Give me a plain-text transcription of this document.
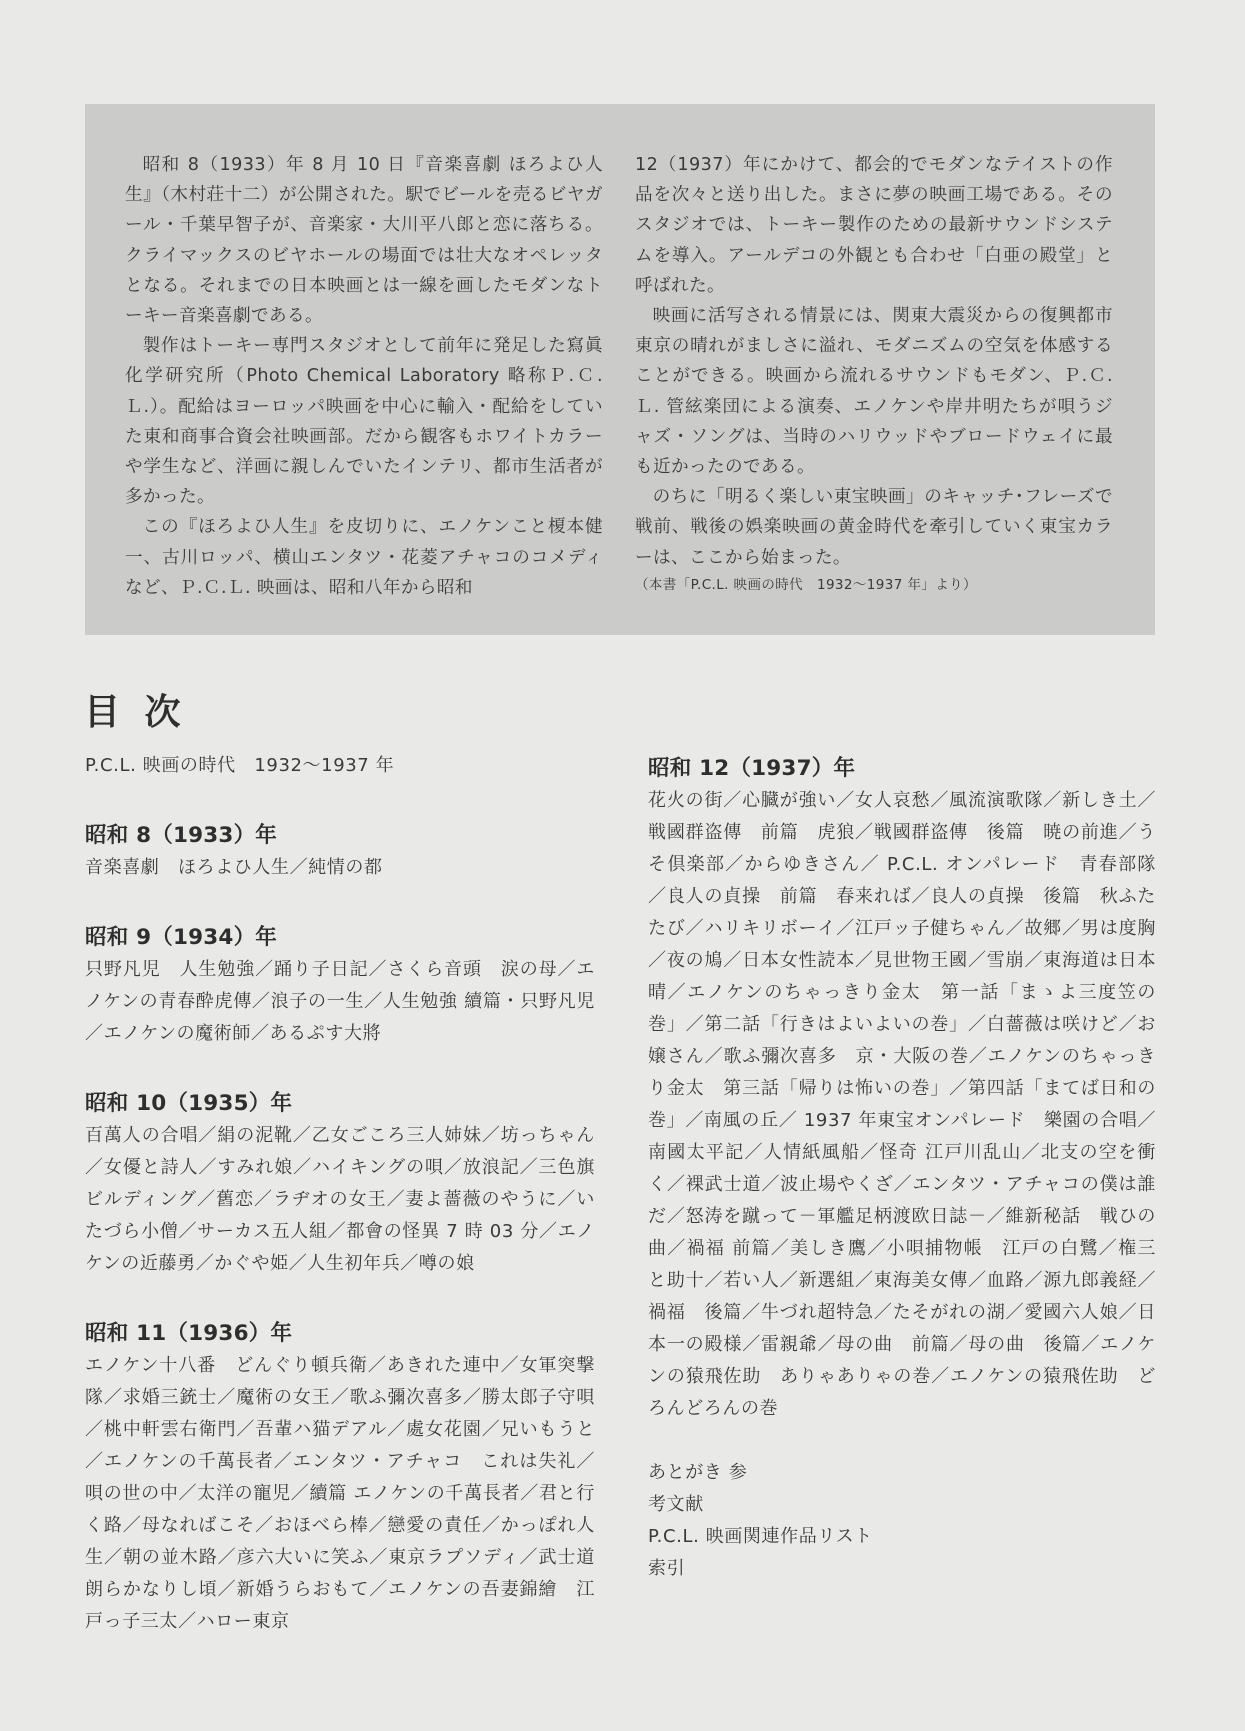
昭和 8（1933）年 8 月 10 日『音楽喜劇 ほろよひ人生』（木村荘十二）が公開された。駅でビールを売るビヤガール・千葉早智子が、音楽家・大川平八郎と恋に落ちる。クライマックスのビヤホールの場面では壮大なオペレッタとなる。それまでの日本映画とは一線を画したモダンなトーキー音楽喜劇である。

製作はトーキー専門スタジオとして前年に発足した寫眞化学研究所（Photo Chemical Laboratory 略称Ｐ.Ｃ.Ｌ.）。配給はヨーロッパ映画を中心に輸入・配給をしていた東和商事合資会社映画部。だから観客もホワイトカラーや学生など、洋画に親しんでいたインテリ、都市生活者が多かった。

この『ほろよひ人生』を皮切りに、エノケンこと榎本健一、古川ロッパ、横山エンタツ・花菱アチャコのコメディなど、Ｐ.Ｃ.Ｌ. 映画は、昭和八年から昭和

12（1937）年にかけて、都会的でモダンなテイストの作品を次々と送り出した。まさに夢の映画工場である。そのスタジオでは、トーキー製作のための最新サウンドシステムを導入。アールデコの外観とも合わせ「白亜の殿堂」と呼ばれた。

映画に活写される情景には、関東大震災からの復興都市東京の晴れがましさに溢れ、モダニズムの空気を体感することができる。映画から流れるサウンドもモダン、Ｐ.Ｃ.Ｌ. 管絃楽団による演奏、エノケンや岸井明たちが唄うジャズ・ソングは、当時のハリウッドやブロードウェイに最も近かったのである。

のちに「明るく楽しい東宝映画」のキャッチ･フレーズで戦前、戦後の娯楽映画の黄金時代を牽引していく東宝カラーは、ここから始まった。

（本書「P.C.L. 映画の時代　1932〜1937 年」より）

目 次

P.C.L. 映画の時代　1932〜1937 年

昭和 8（1933）年

音楽喜劇　ほろよひ人生／純情の都

昭和 9（1934）年

只野凡児　人生勉強／踊り子日記／さくら音頭　涙の母／エノケンの青春酔虎傳／浪子の一生／人生勉強 續篇・只野凡児／エノケンの魔術師／あるぷす大將

昭和 10（1935）年

百萬人の合唱／絹の泥靴／乙女ごころ三人姉妹／坊っちゃん／女優と詩人／すみれ娘／ハイキングの唄／放浪記／三色旗ビルディング／舊恋／ラヂオの女王／妻よ薔薇のやうに／いたづら小僧／サーカス五人組／都會の怪異 7 時 03 分／エノケンの近藤勇／かぐや姫／人生初年兵／噂の娘

昭和 11（1936）年

エノケン十八番　どんぐり頓兵衛／あきれた連中／女軍突撃隊／求婚三銃士／魔術の女王／歌ふ彌次喜多／勝太郎子守唄／桃中軒雲右衛門／吾輩ハ猫デアル／處女花園／兄いもうと／エノケンの千萬長者／エンタツ・アチャコ　これは失礼／唄の世の中／太洋の寵児／續篇 エノケンの千萬長者／君と行く路／母なればこそ／おほべら棒／戀愛の責任／かっぽれ人生／朝の並木路／彦六大いに笑ふ／東京ラプソディ／武士道朗らかなりし頃／新婚うらおもて／エノケンの吾妻錦繪　江戸っ子三太／ハロー東京

昭和 12（1937）年

花火の街／心臓が強い／女人哀愁／風流演歌隊／新しき土／戦國群盗傳　前篇　虎狼／戦國群盗傳　後篇　暁の前進／うそ倶楽部／からゆきさん／ P.C.L. オンパレード　青春部隊／良人の貞操　前篇　春来れば／良人の貞操　後篇　秋ふたたび／ハリキリボーイ／江戸ッ子健ちゃん／故郷／男は度胸／夜の鳩／日本女性読本／見世物王國／雪崩／東海道は日本晴／エノケンのちゃっきり金太　第一話「まゝよ三度笠の巻」／第二話「行きはよいよいの巻」／白薔薇は咲けど／お嬢さん／歌ふ彌次喜多　京・大阪の巻／エノケンのちゃっきり金太　第三話「帰りは怖いの巻」／第四話「まてば日和の巻」／南風の丘／ 1937 年東宝オンパレード　樂園の合唱／南國太平記／人情紙風船／怪奇 江戸川乱山／北支の空を衝く／裸武士道／波止場やくざ／エンタツ・アチャコの僕は誰だ／怒涛を蹴って－軍艦足柄渡欧日誌－／維新秘話　戦ひの曲／禍福 前篇／美しき鷹／小唄捕物帳　江戸の白鷺／権三と助十／若い人／新選組／東海美女傳／血路／源九郎義経／禍福　後篇／牛づれ超特急／たそがれの湖／愛國六人娘／日本一の殿様／雷親爺／母の曲　前篇／母の曲　後篇／エノケンの猿飛佐助　ありゃありゃの巻／エノケンの猿飛佐助　どろんどろんの巻

あとがき 参

考文献

P.C.L. 映画関連作品リスト

索引
